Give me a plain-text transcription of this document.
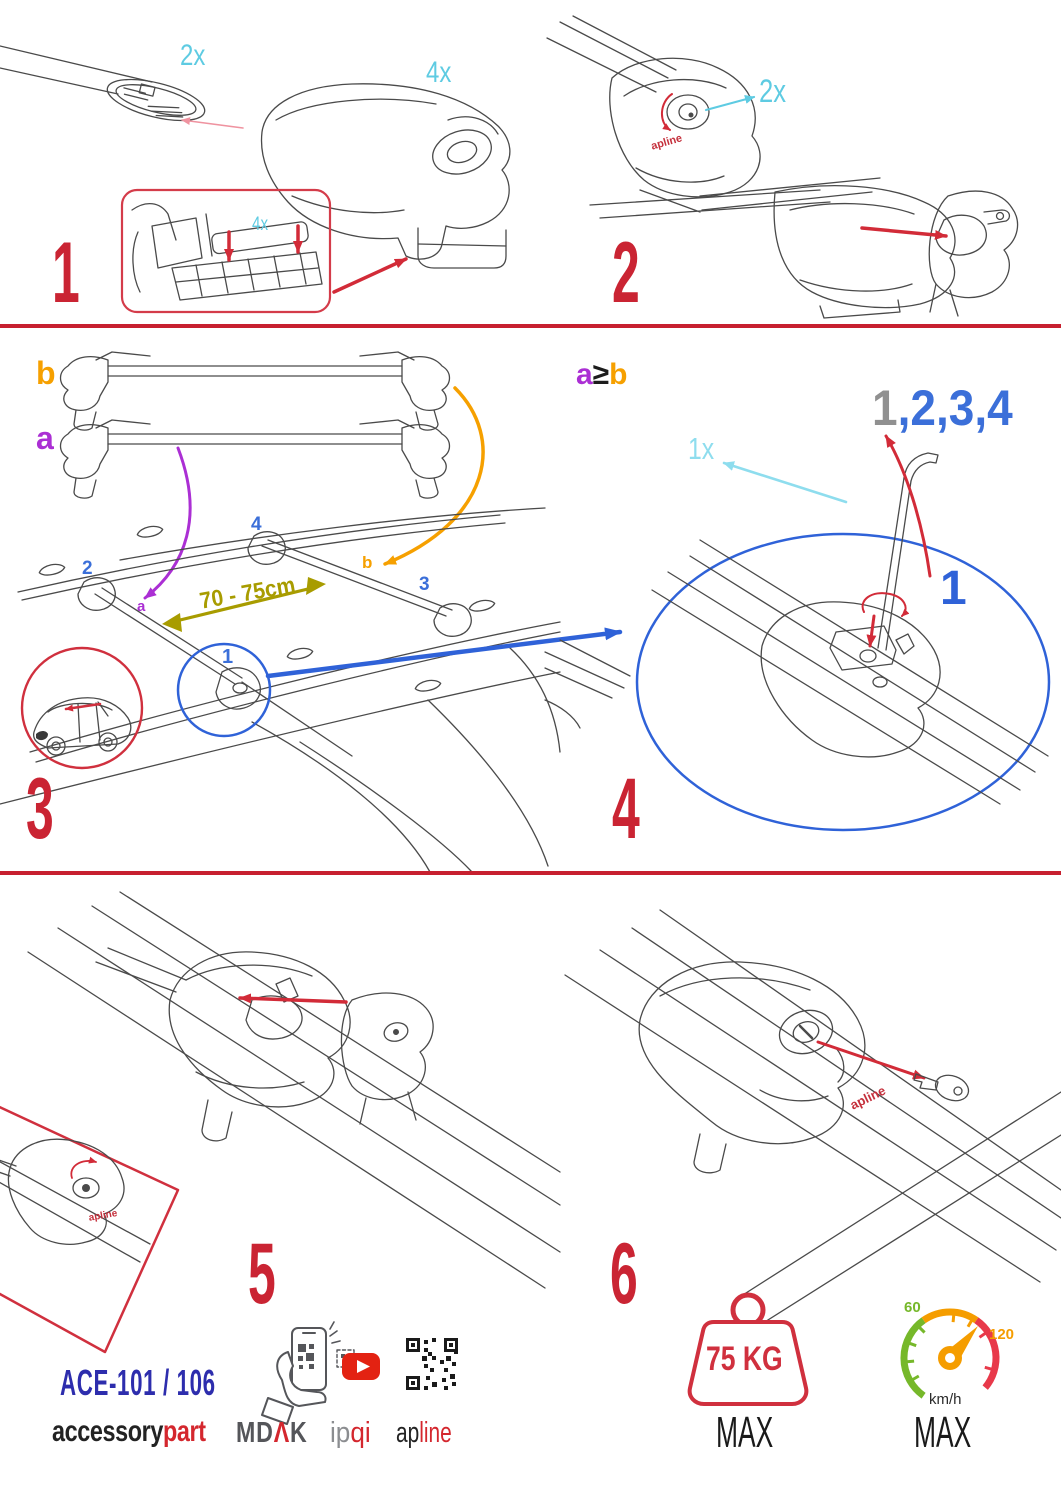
1	2
3	4
5	6
2x
4x
4x
2x
1x
apline
apline
apline
b
a
2
4
b
3
a
1
70 - 75cm
a≥b
1,2,3,4
1
ACE-101 / 106
accessorypart MDΛK ipqi apline
75 KG
MAX
60
120
km/h
MAX
